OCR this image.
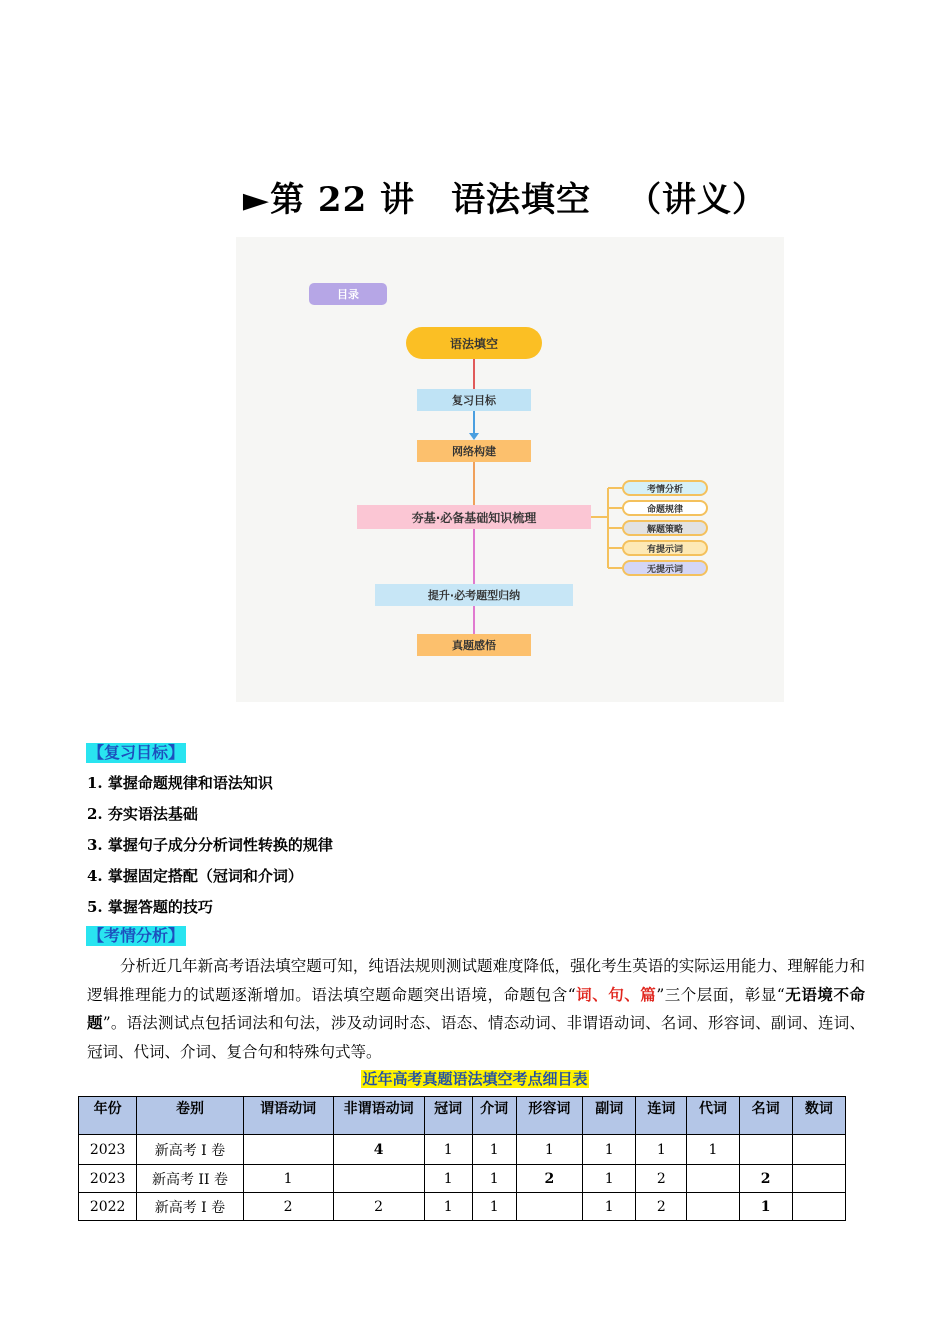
►第 22 讲 语法填空 （讲义）
目录
语法填空
复习目标
网络构建
夯基·必备基础知识梳理
提升·必考题型归纳
真题感悟
考情分析
命题规律
解题策略
有提示词
无提示词
【复习目标】
1. 掌握命题规律和语法知识
2. 夯实语法基础
3. 掌握句子成分分析词性转换的规律
4. 掌握固定搭配（冠词和介词）
5. 掌握答题的技巧
【考情分析】

分析近几年新高考语法填空题可知，纯语法规则测试题难度降低，强化考生英语的实际运用能力、理解能力和逻辑推理能力的试题逐渐增加。语法填空题命题突出语境，命题包含“词、句、篇”三个层面，彰显“无语境不命题”。语法测试点包括词法和句法，涉及动词时态、语态、情态动词、非谓语动词、名词、形容词、副词、连词、冠词、代词、介词、复合句和特殊句式等。

近年高考真题语法填空考点细目表
年份	卷别	谓语动词	非谓语动词	冠词	介词	形容词	副词	连词	代词	名词	数词
2023	新高考 I 卷		4	1	1	1	1	1	1		
2023	新高考 II 卷	1		1	1	2	1	2		2	
2022	新高考 I 卷	2	2	1	1		1	2		1	
